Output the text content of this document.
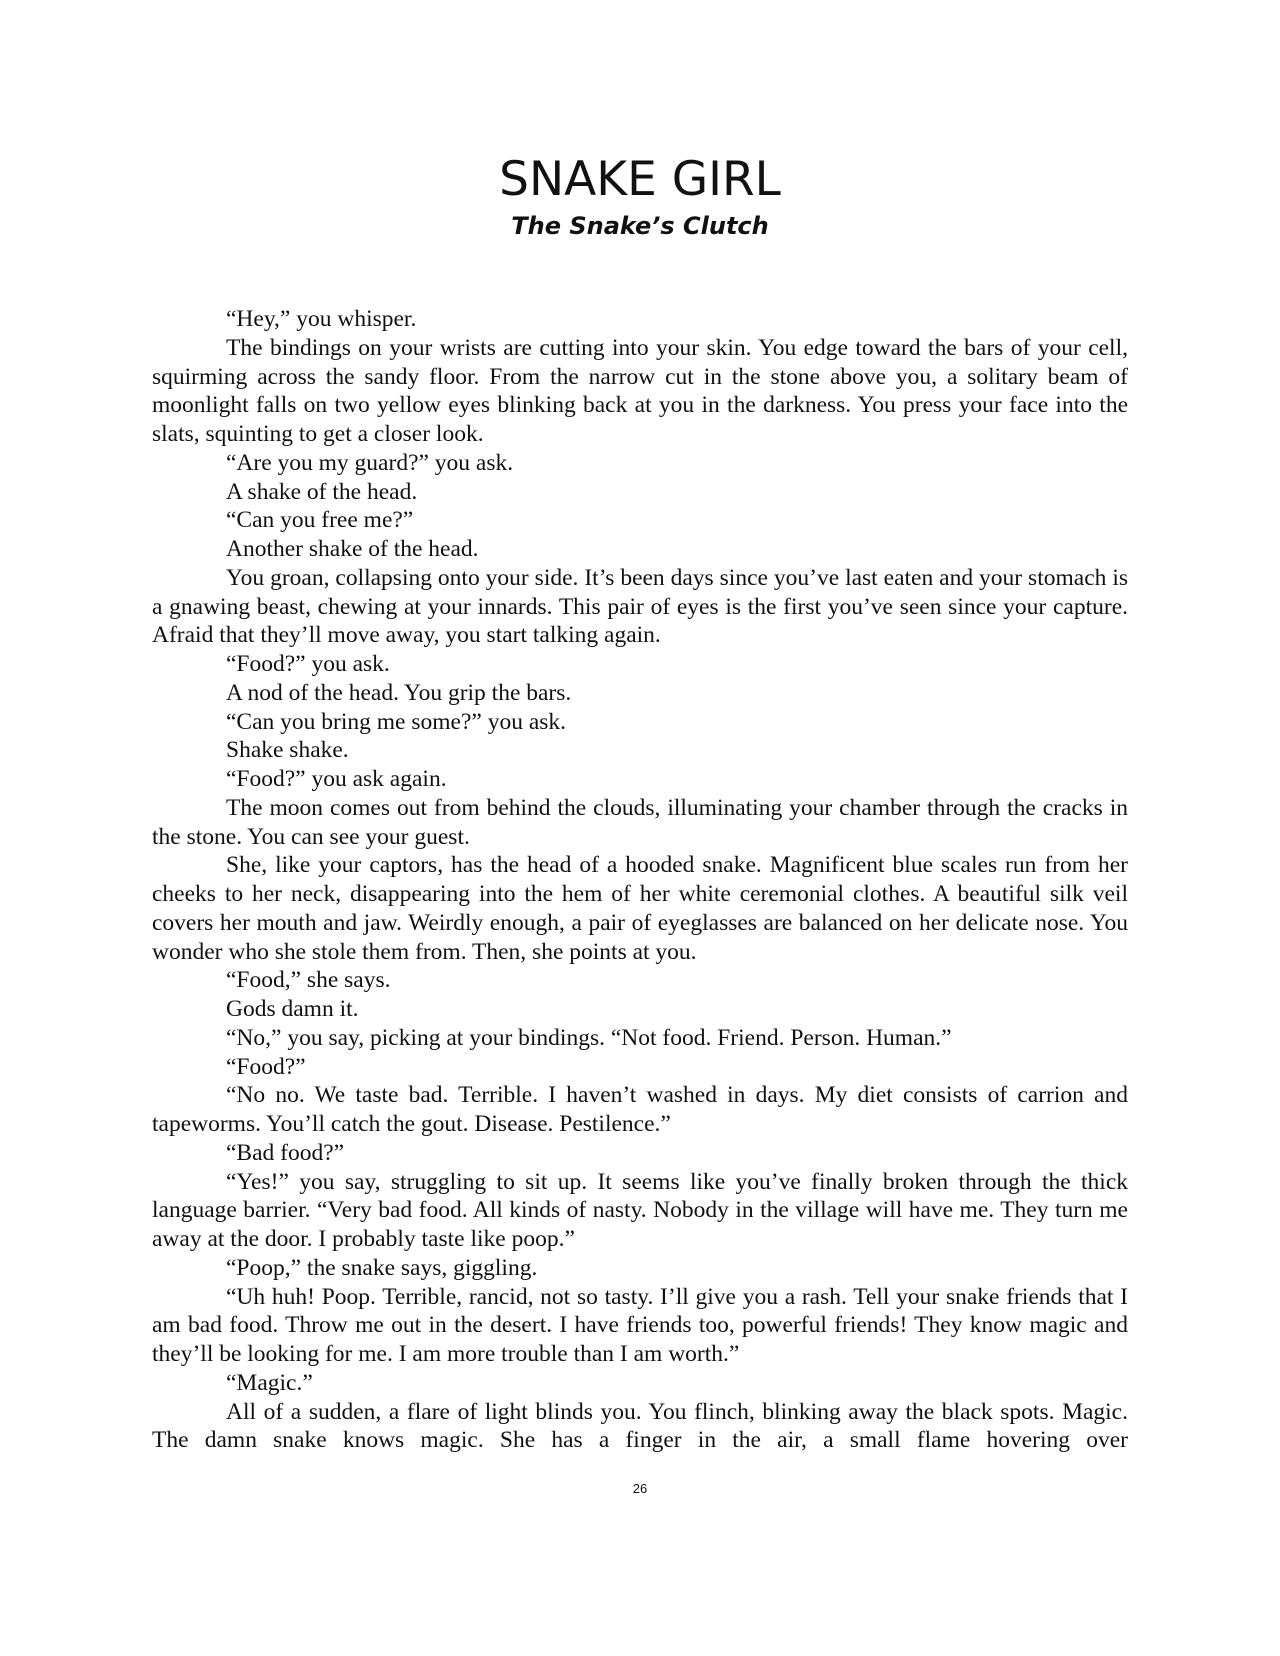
SNAKE GIRL
The Snake’s Clutch

“Hey,” you whisper.

The bindings on your wrists are cutting into your skin. You edge toward the bars of your cell, squirming across the sandy floor. From the narrow cut in the stone above you, a solitary beam of moonlight falls on two yellow eyes blinking back at you in the darkness. You press your face into the slats, squinting to get a closer look.

“Are you my guard?” you ask.

A shake of the head.

“Can you free me?”

Another shake of the head.

You groan, collapsing onto your side. It’s been days since you’ve last eaten and your stomach is a gnawing beast, chewing at your innards. This pair of eyes is the first you’ve seen since your capture. Afraid that they’ll move away, you start talking again.

“Food?” you ask.

A nod of the head. You grip the bars.

“Can you bring me some?” you ask.

Shake shake.

“Food?” you ask again.

The moon comes out from behind the clouds, illuminating your chamber through the cracks in the stone. You can see your guest.

She, like your captors, has the head of a hooded snake. Magnificent blue scales run from her cheeks to her neck, disappearing into the hem of her white ceremonial clothes. A beautiful silk veil covers her mouth and jaw. Weirdly enough, a pair of eyeglasses are balanced on her delicate nose. You wonder who she stole them from. Then, she points at you.

“Food,” she says.

Gods damn it.

“No,” you say, picking at your bindings. “Not food. Friend. Person. Human.”

“Food?”

“No no. We taste bad. Terrible. I haven’t washed in days. My diet consists of carrion and tapeworms. You’ll catch the gout. Disease. Pestilence.”

“Bad food?”

“Yes!” you say, struggling to sit up. It seems like you’ve finally broken through the thick language barrier. “Very bad food. All kinds of nasty. Nobody in the village will have me. They turn me away at the door. I probably taste like poop.”

“Poop,” the snake says, giggling.

“Uh huh! Poop. Terrible, rancid, not so tasty. I’ll give you a rash. Tell your snake friends that I am bad food. Throw me out in the desert. I have friends too, powerful friends! They know magic and they’ll be looking for me. I am more trouble than I am worth.”

“Magic.”

All of a sudden, a flare of light blinds you. You flinch, blinking away the black spots. Magic. The damn snake knows magic. She has a finger in the air, a small flame hovering over

26
